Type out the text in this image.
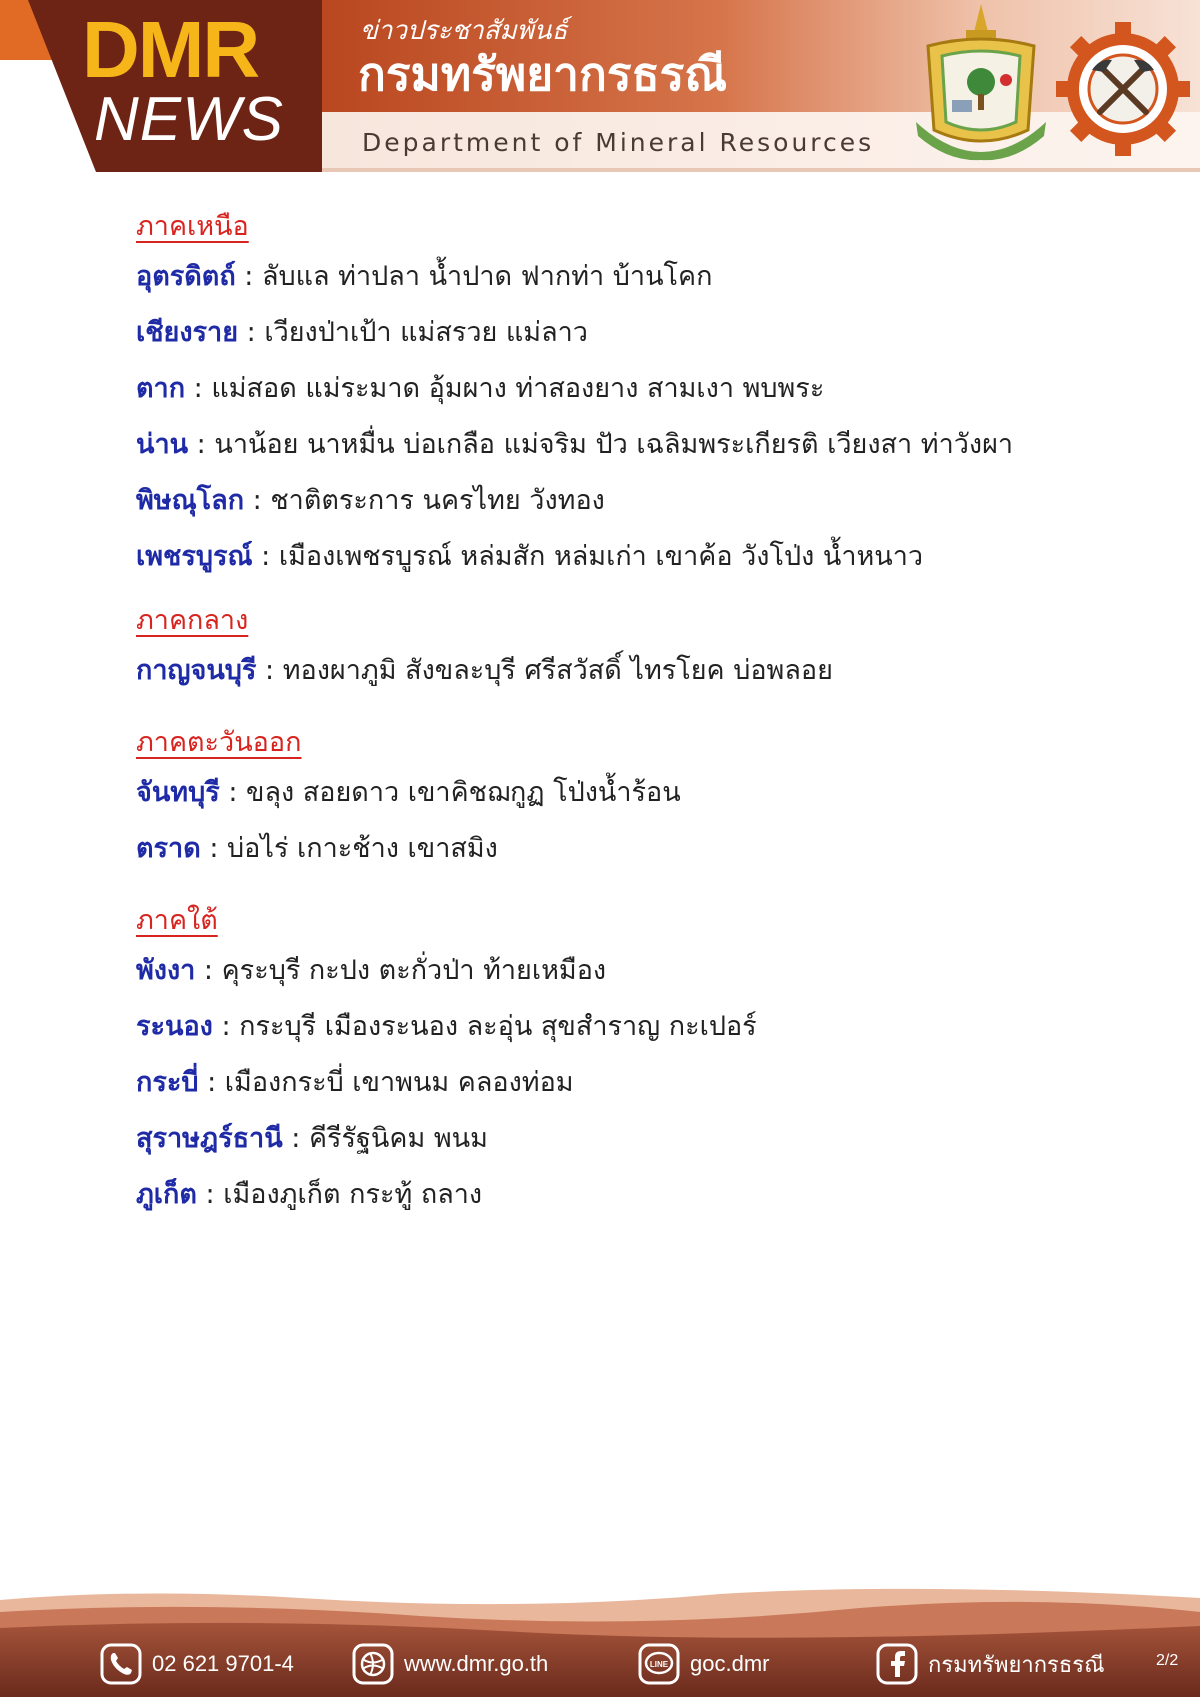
DMR
NEWS
ข่าวประชาสัมพันธ์
กรมทรัพยากรธรณี
Department of Mineral Resources
ภาคเหนือ
อุตรดิตถ์ : ลับแล ท่าปลา น้ำปาด ฟากท่า บ้านโคก
เชียงราย : เวียงป่าเป้า แม่สรวย แม่ลาว
ตาก : แม่สอด แม่ระมาด อุ้มผาง ท่าสองยาง สามเงา พบพระ
น่าน : นาน้อย นาหมื่น บ่อเกลือ แม่จริม ปัว เฉลิมพระเกียรติ เวียงสา ท่าวังผา
พิษณุโลก : ชาติตระการ นครไทย วังทอง
เพชรบูรณ์ : เมืองเพชรบูรณ์ หล่มสัก หล่มเก่า เขาค้อ วังโป่ง น้ำหนาว
ภาคกลาง
กาญจนบุรี : ทองผาภูมิ สังขละบุรี ศรีสวัสดิ์ ไทรโยค บ่อพลอย
ภาคตะวันออก
จันทบุรี : ขลุง สอยดาว เขาคิชฌกูฏ โป่งน้ำร้อน
ตราด : บ่อไร่ เกาะช้าง เขาสมิง
ภาคใต้
พังงา : คุระบุรี กะปง ตะกั่วป่า ท้ายเหมือง
ระนอง : กระบุรี เมืองระนอง ละอุ่น สุขสำราญ กะเปอร์
กระบี่ : เมืองกระบี่ เขาพนม คลองท่อม
สุราษฎร์ธานี : คีรีรัฐนิคม พนม
ภูเก็ต : เมืองภูเก็ต กระทู้ ถลาง
02 621 9701-4	www.dmr.go.th	LINE goc.dmr	กรมทรัพยากรธรณี	2/2
